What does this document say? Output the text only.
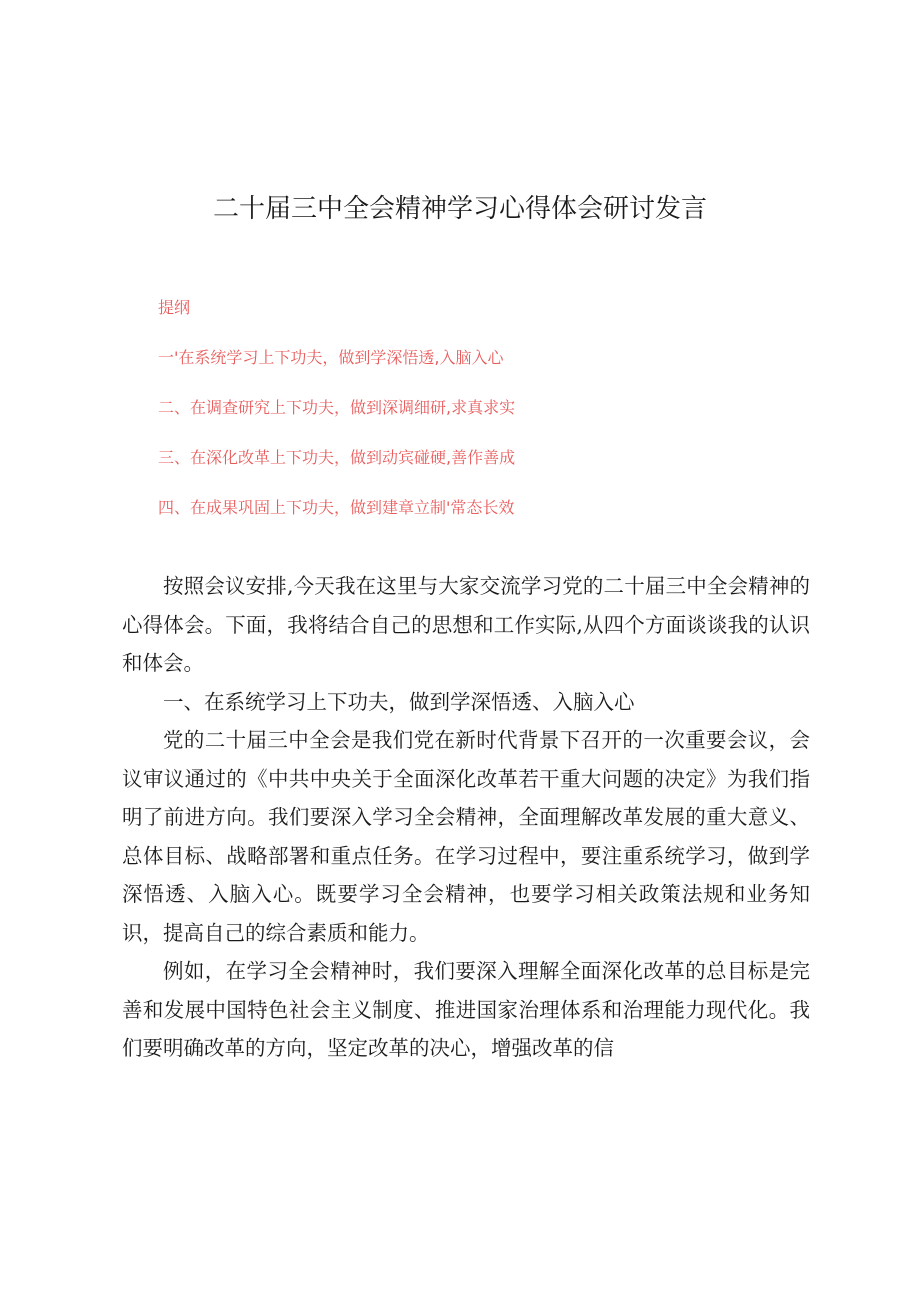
二十届三中全会精神学习心得体会研讨发言

提纲

一'在系统学习上下功夫，做到学深悟透,入脑入心

二、在调查研究上下功夫，做到深调细研,求真求实

三、在深化改革上下功夫，做到动宾碰硬,善作善成

四、在成果巩固上下功夫，做到建章立制'常态长效

按照会议安排,今天我在这里与大家交流学习党的二十届三中全会精神的心得体会。下面，我将结合自己的思想和工作实际,从四个方面谈谈我的认识和体会。

一、在系统学习上下功夫，做到学深悟透、入脑入心

党的二十届三中全会是我们党在新时代背景下召开的一次重要会议，会议审议通过的《中共中央关于全面深化改革若干重大问题的决定》为我们指明了前进方向。我们要深入学习全会精神，全面理解改革发展的重大意义、总体目标、战略部署和重点任务。在学习过程中，要注重系统学习，做到学深悟透、入脑入心。既要学习全会精神，也要学习相关政策法规和业务知识，提高自己的综合素质和能力。

例如，在学习全会精神时，我们要深入理解全面深化改革的总目标是完善和发展中国特色社会主义制度、推进国家治理体系和治理能力现代化。我们要明确改革的方向，坚定改革的决心，增强改革的信
